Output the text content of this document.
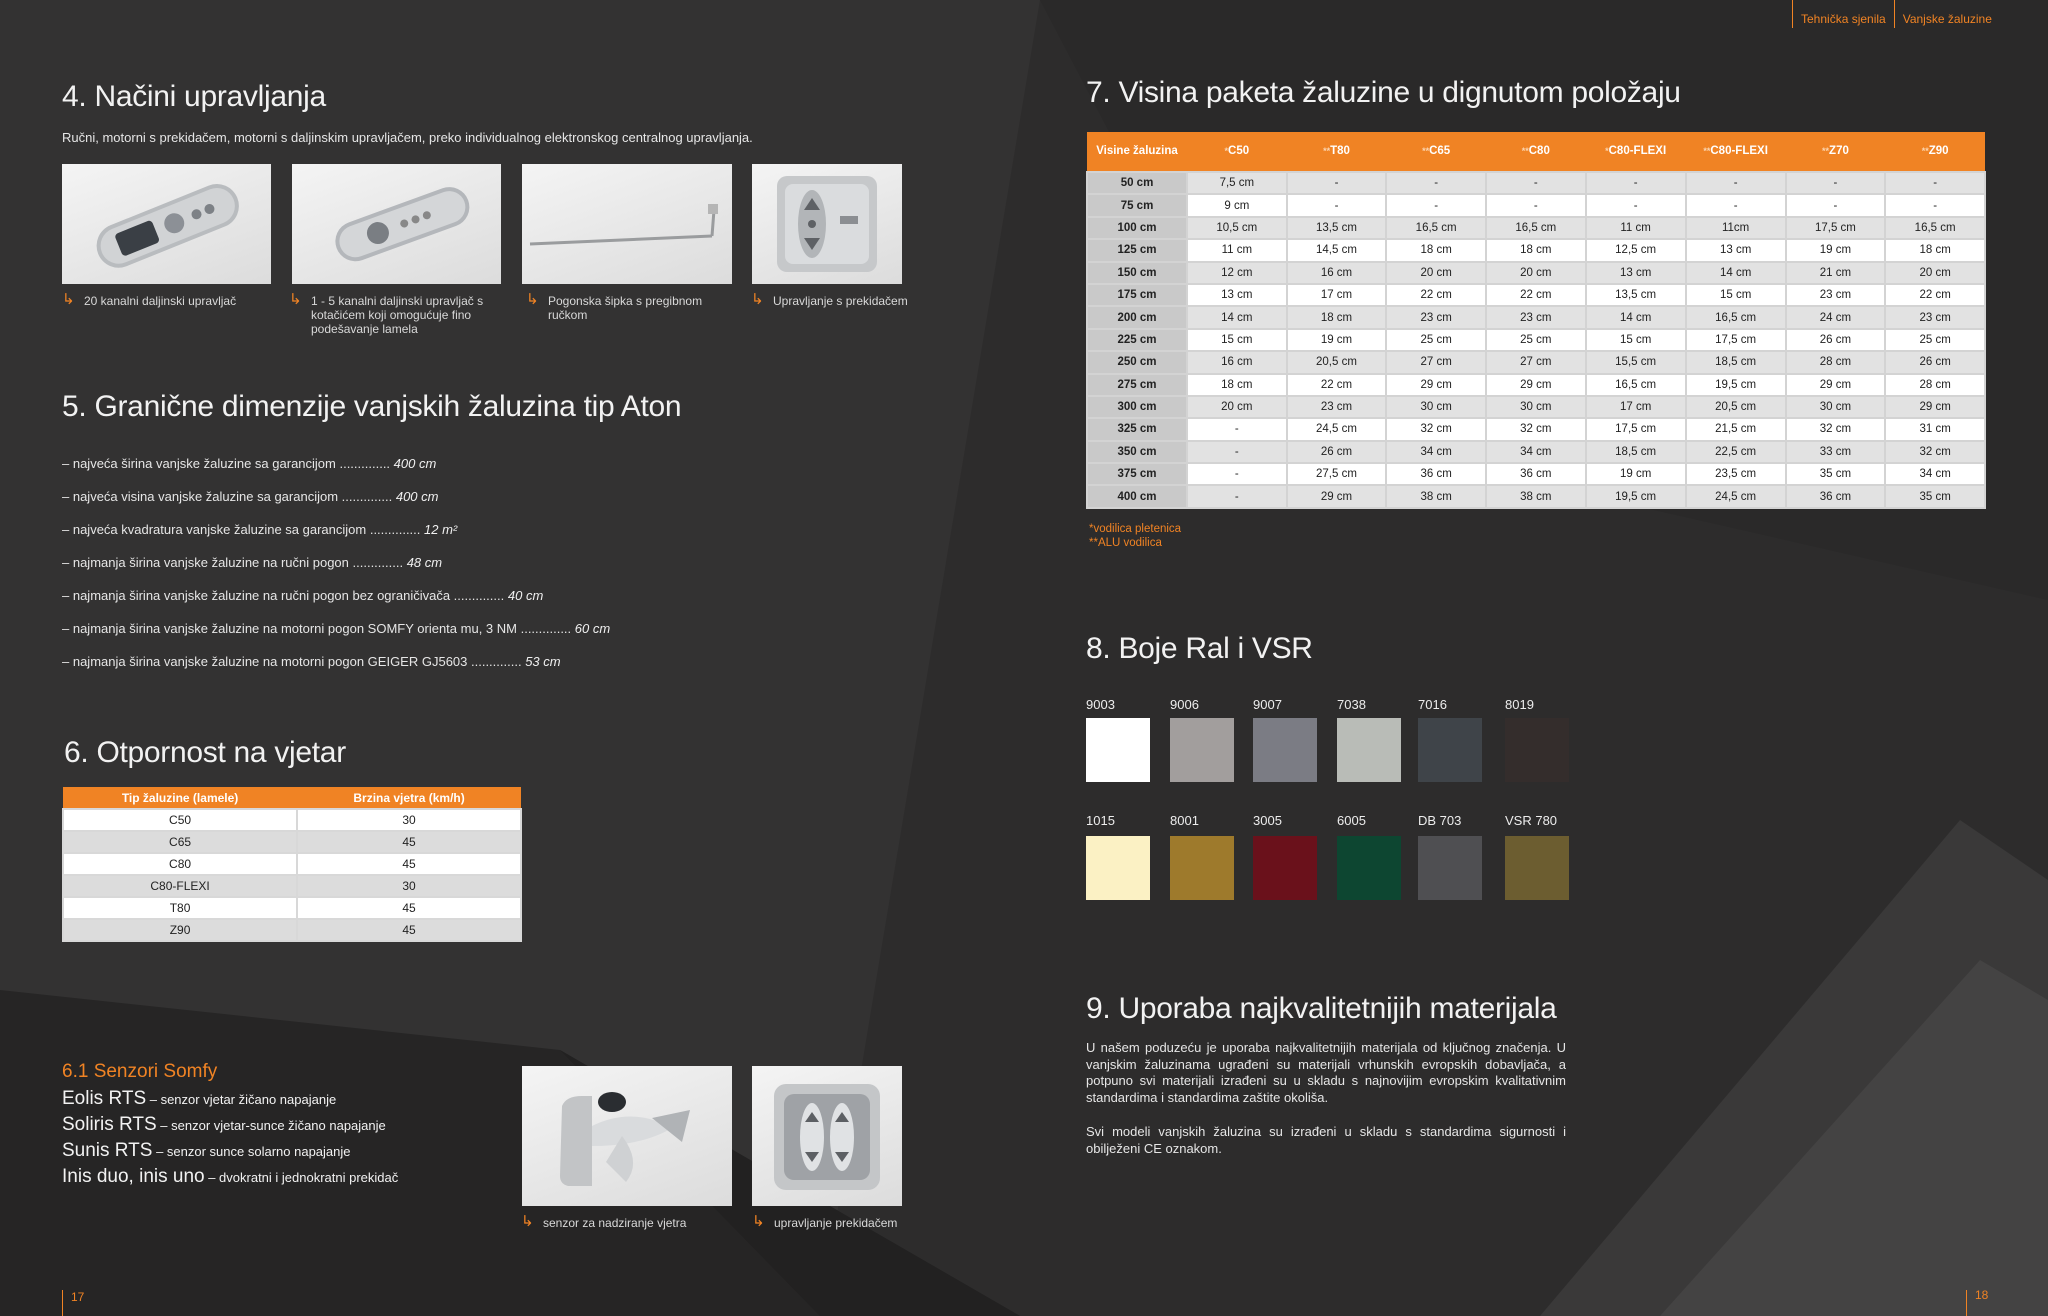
Tehnička sjenila Vanjske žaluzine
4. Načini upravljanja
Ručni, motorni s prekidačem, motorni s daljinskim upravljačem, preko individualnog elektronskog centralnog upravljanja.
↳ 20 kanalni daljinski upravljač	↳ 1 - 5 kanalni daljinski upravljač s kotačićem koji omogućuje fino podešavanje lamela
↳ Pogonska šipka s pregibnom ručkom
↳ Upravljanje s prekidačem
5. Granične dimenzije vanjskih žaluzina tip Aton
– najveća širina vanjske žaluzine sa garancijom .............. 400 cm
– najveća visina vanjske žaluzine sa garancijom .............. 400 cm
– najveća kvadratura vanjske žaluzine sa garancijom .............. 12 m²
– najmanja širina vanjske žaluzine na ručni pogon .............. 48 cm
– najmanja širina vanjske žaluzine na ručni pogon bez ograničivača .............. 40 cm
– najmanja širina vanjske žaluzine na motorni pogon SOMFY orienta mu, 3 NM .............. 60 cm
– najmanja širina vanjske žaluzine na motorni pogon GEIGER GJ5603 .............. 53 cm
6. Otpornost na vjetar
Tip žaluzine (lamele)	Brzina vjetra (km/h)
C50	30
C65	45
C80	45
C80-FLEXI	30
T80	45
Z90	45
6.1 Senzori Somfy
Eolis RTS – senzor vjetar žičano napajanje
Soliris RTS – senzor vjetar-sunce žičano napajanje
Sunis RTS – senzor sunce solarno napajanje
Inis duo, inis uno – dvokratni i jednokratni prekidač
↳ senzor za nadziranje vjetra	↳ upravljanje prekidačem
7. Visina paketa žaluzine u dignutom položaju
Visine žaluzina	*C50	**T80	**C65	**C80	*C80-FLEXI	**C80-FLEXI	**Z70	**Z90
50 cm	7,5 cm	-	-	-	-	-	-	-
75 cm	9 cm	-	-	-	-	-	-	-
100 cm	10,5 cm	13,5 cm	16,5 cm	16,5 cm	11 cm	11cm	17,5 cm	16,5 cm
125 cm	11 cm	14,5 cm	18 cm	18 cm	12,5 cm	13 cm	19 cm	18 cm
150 cm	12 cm	16 cm	20 cm	20 cm	13 cm	14 cm	21 cm	20 cm
175 cm	13 cm	17 cm	22 cm	22 cm	13,5 cm	15 cm	23 cm	22 cm
200 cm	14 cm	18 cm	23 cm	23 cm	14 cm	16,5 cm	24 cm	23 cm
225 cm	15 cm	19 cm	25 cm	25 cm	15 cm	17,5 cm	26 cm	25 cm
250 cm	16 cm	20,5 cm	27 cm	27 cm	15,5 cm	18,5 cm	28 cm	26 cm
275 cm	18 cm	22 cm	29 cm	29 cm	16,5 cm	19,5 cm	29 cm	28 cm
300 cm	20 cm	23 cm	30 cm	30 cm	17 cm	20,5 cm	30 cm	29 cm
325 cm	-	24,5 cm	32 cm	32 cm	17,5 cm	21,5 cm	32 cm	31 cm
350 cm	-	26 cm	34 cm	34 cm	18,5 cm	22,5 cm	33 cm	32 cm
375 cm	-	27,5 cm	36 cm	36 cm	19 cm	23,5 cm	35 cm	34 cm
400 cm	-	29 cm	38 cm	38 cm	19,5 cm	24,5 cm	36 cm	35 cm
*vodilica pletenica
**ALU vodilica
8. Boje Ral i VSR
9003	9006	9007	7038	7016	8019
1015	8001	3005	6005	DB 703	VSR 780
9. Uporaba najkvalitetnijih materijala
U našem poduzeću je uporaba najkvalitetnijih materijala od ključnog značenja. U vanjskim žaluzinama ugrađeni su materijali vrhunskih evropskih dobavljača, a potpuno svi materijali izrađeni su u skladu s najnovijim evropskim kvalitativnim standardima i standardima zaštite okoliša.
Svi modeli vanjskih žaluzina su izrađeni u skladu s standardima sigurnosti i obilježeni CE oznakom.
17	18
